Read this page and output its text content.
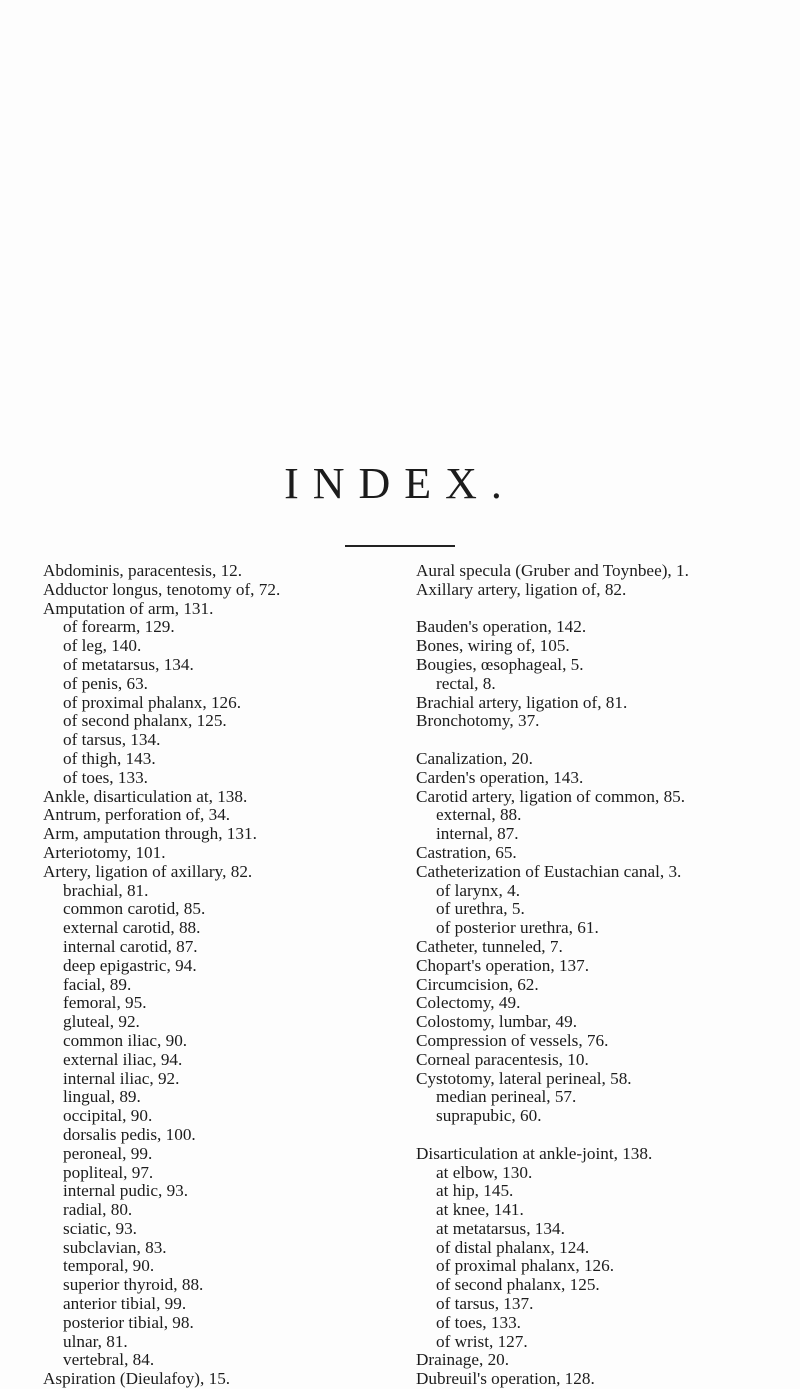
INDEX.
Abdominis, paracentesis, 12.
Adductor longus, tenotomy of, 72.
Amputation of arm, 131.
of forearm, 129.
of leg, 140.
of metatarsus, 134.
of penis, 63.
of proximal phalanx, 126.
of second phalanx, 125.
of tarsus, 134.
of thigh, 143.
of toes, 133.
Ankle, disarticulation at, 138.
Antrum, perforation of, 34.
Arm, amputation through, 131.
Arteriotomy, 101.
Artery, ligation of axillary, 82.
brachial, 81.
common carotid, 85.
external carotid, 88.
internal carotid, 87.
deep epigastric, 94.
facial, 89.
femoral, 95.
gluteal, 92.
common iliac, 90.
external iliac, 94.
internal iliac, 92.
lingual, 89.
occipital, 90.
dorsalis pedis, 100.
peroneal, 99.
popliteal, 97.
internal pudic, 93.
radial, 80.
sciatic, 93.
subclavian, 83.
temporal, 90.
superior thyroid, 88.
anterior tibial, 99.
posterior tibial, 98.
ulnar, 81.
vertebral, 84.
Aspiration (Dieulafoy), 15.
Aural specula (Gruber and Toynbee), 1.
Axillary artery, ligation of, 82.
Bauden's operation, 142.
Bones, wiring of, 105.
Bougies, œsophageal, 5.
rectal, 8.
Brachial artery, ligation of, 81.
Bronchotomy, 37.
Canalization, 20.
Carden's operation, 143.
Carotid artery, ligation of common, 85.
external, 88.
internal, 87.
Castration, 65.
Catheterization of Eustachian canal, 3.
of larynx, 4.
of urethra, 5.
of posterior urethra, 61.
Catheter, tunneled, 7.
Chopart's operation, 137.
Circumcision, 62.
Colectomy, 49.
Colostomy, lumbar, 49.
Compression of vessels, 76.
Corneal paracentesis, 10.
Cystotomy, lateral perineal, 58.
median perineal, 57.
suprapubic, 60.
Disarticulation at ankle-joint, 138.
at elbow, 130.
at hip, 145.
at knee, 141.
at metatarsus, 134.
of distal phalanx, 124.
of proximal phalanx, 126.
of second phalanx, 125.
of tarsus, 137.
of toes, 133.
of wrist, 127.
Drainage, 20.
Dubreuil's operation, 128.
